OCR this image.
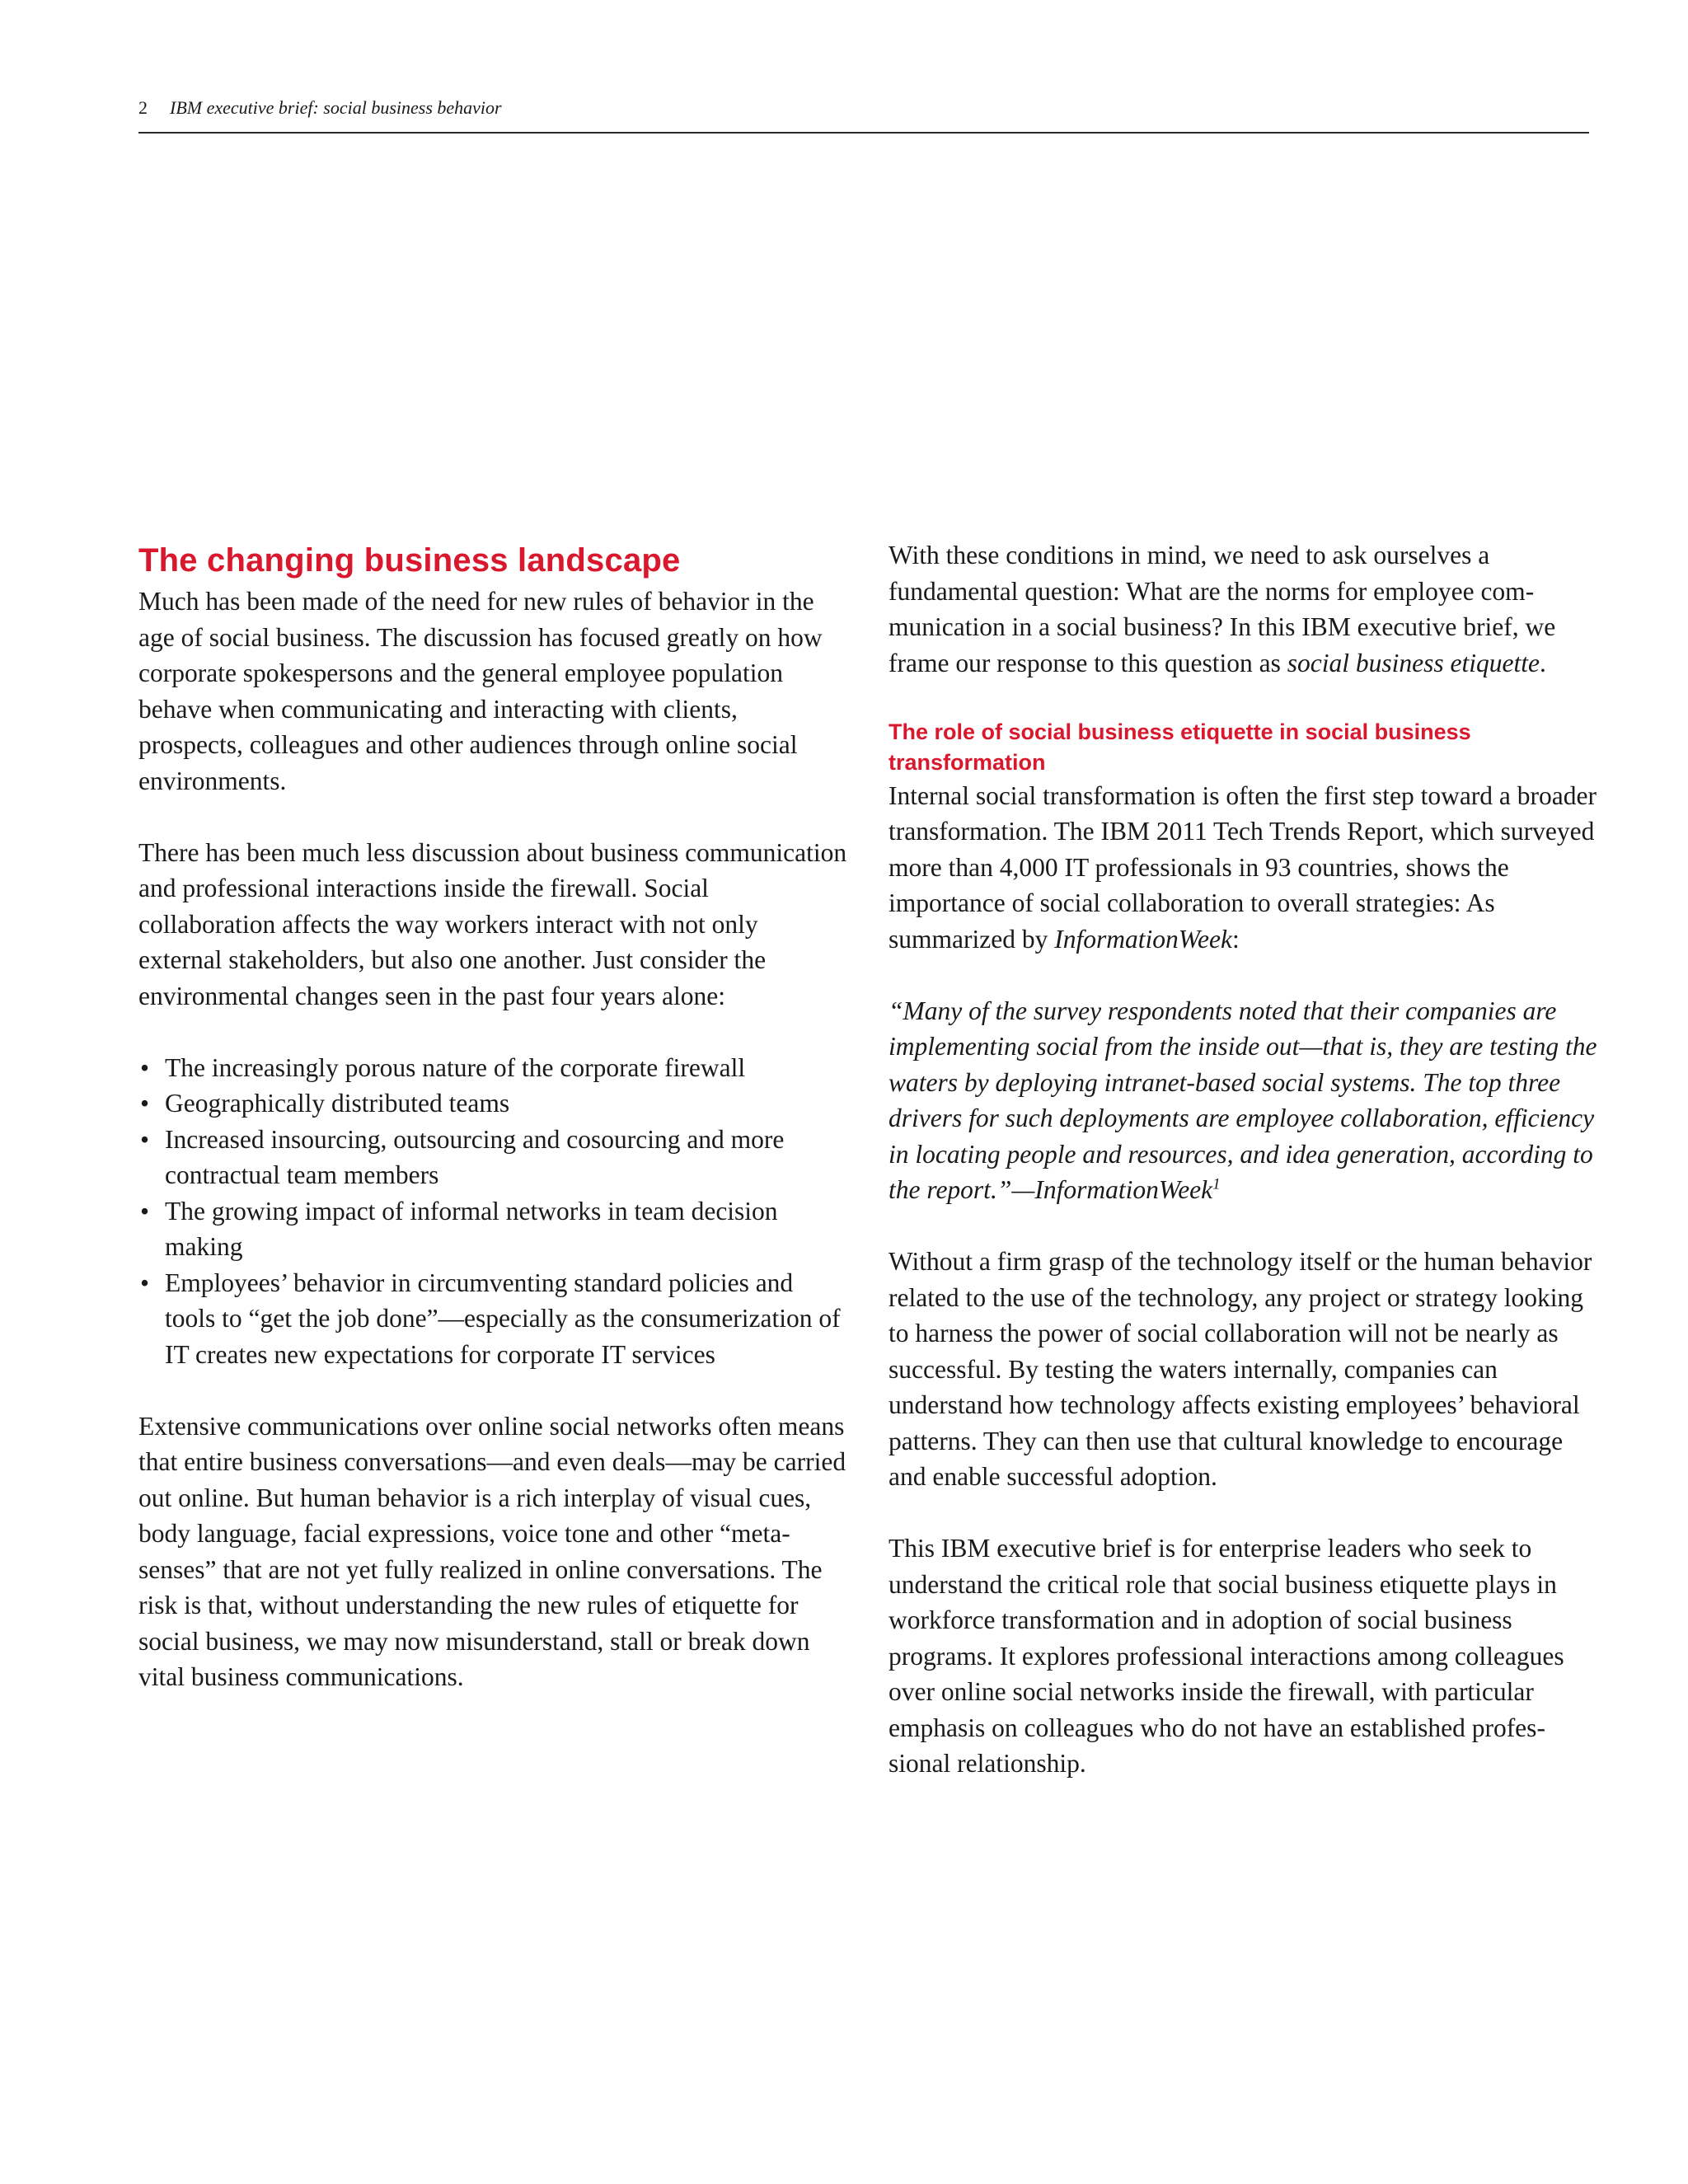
2 IBM executive brief: social business behavior
The changing business landscape

Much has been made of the need for new rules of behavior in the age of social business. The discussion has focused greatly on how corporate spokespersons and the general employee population behave when communicating and interacting with clients, prospects, colleagues and other audiences through online social environments.

There has been much less discussion about business communication and professional interactions inside the firewall. Social collaboration affects the way workers interact with not only external stakeholders, but also one another. Just consider the environmental changes seen in the past four years alone:

• The increasingly porous nature of the corporate firewall
• Geographically distributed teams
• Increased insourcing, outsourcing and cosourcing and more contractual team members
• The growing impact of informal networks in team decision making
• Employees’ behavior in circumventing standard policies and tools to “get the job done”—especially as the consumerization of IT creates new expectations for corporate IT services

Extensive communications over online social networks often means that entire business conversations—and even deals—may be carried out online. But human behavior is a rich interplay of visual cues, body language, facial expressions, voice tone and other “meta-senses” that are not yet fully realized in online conversations. The risk is that, without understanding the new rules of etiquette for social business, we may now misunderstand, stall or break down vital business communications.

With these conditions in mind, we need to ask ourselves a fundamental question: What are the norms for employee communication in a social business? In this IBM executive brief, we frame our response to this question as social business etiquette.

The role of social business etiquette in social business transformation

Internal social transformation is often the first step toward a broader transformation. The IBM 2011 Tech Trends Report, which surveyed more than 4,000 IT professionals in 93 countries, shows the importance of social collaboration to overall strategies: As summarized by InformationWeek:

“Many of the survey respondents noted that their companies are implementing social from the inside out—that is, they are testing the waters by deploying intranet-based social systems. The top three drivers for such deployments are employee collaboration, efficiency in locating people and resources, and idea generation, according to the report.”—InformationWeek$^1$

Without a firm grasp of the technology itself or the human behavior related to the use of the technology, any project or strategy looking to harness the power of social collaboration will not be nearly as successful. By testing the waters internally, companies can understand how technology affects existing employees’ behavioral patterns. They can then use that cultural knowledge to encourage and enable successful adoption.

This IBM executive brief is for enterprise leaders who seek to understand the critical role that social business etiquette plays in workforce transformation and in adoption of social business programs. It explores professional interactions among colleagues over online social networks inside the firewall, with particular emphasis on colleagues who do not have an established professional relationship.
